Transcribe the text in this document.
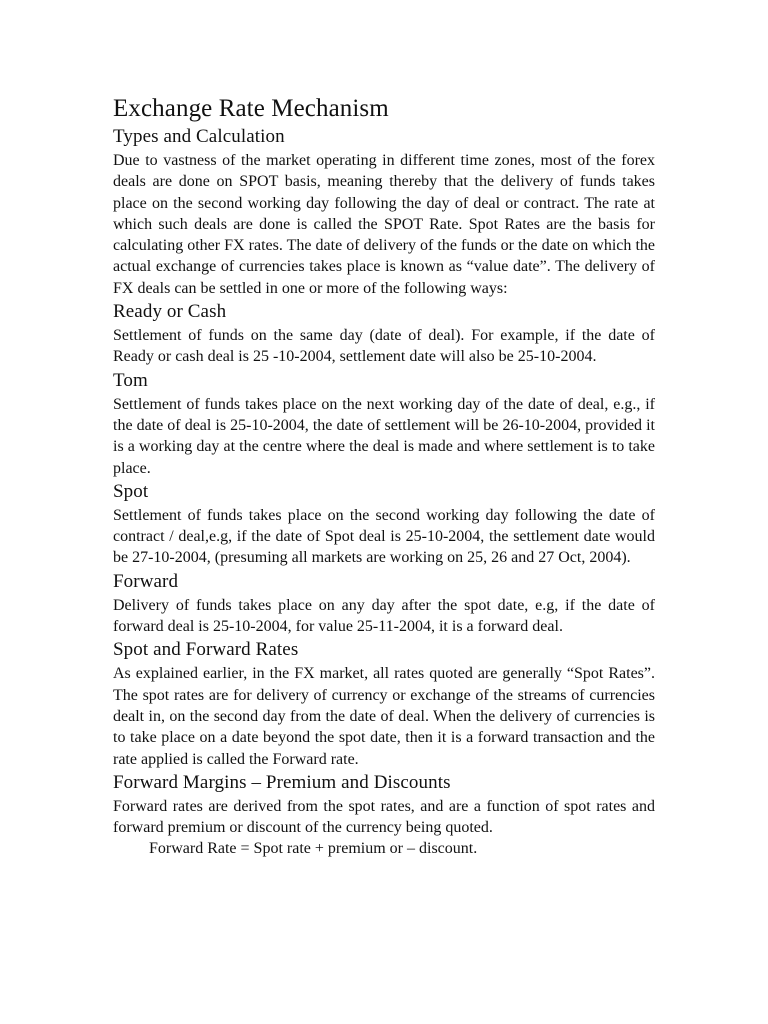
Exchange Rate Mechanism
Types and Calculation

Due to vastness of the market operating in different time zones, most of the forex deals are done on SPOT basis, meaning thereby that the delivery of funds takes place on the second working day following the day of deal or contract. The rate at which such deals are done is called the SPOT Rate. Spot Rates are the basis for calculating other FX rates. The date of delivery of the funds or the date on which the actual exchange of currencies takes place is known as “value date”. The delivery of FX deals can be settled in one or more of the following ways:

Ready or Cash

Settlement of funds on the same day (date of deal). For example, if the date of Ready or cash deal is 25 -10-2004, settlement date will also be 25-10-2004.

Tom

Settlement of funds takes place on the next working day of the date of deal, e.g., if the date of deal is 25-10-2004, the date of settlement will be 26-10-2004, provided it is a working day at the centre where the deal is made and where settlement is to take place.

Spot

Settlement of funds takes place on the second working day following the date of contract / deal,e.g, if the date of Spot deal is 25-10-2004, the settlement date would be 27-10-2004, (presuming all markets are working on 25, 26 and 27 Oct, 2004).

Forward

Delivery of funds takes place on any day after the spot date, e.g, if the date of forward deal is 25-10-2004, for value 25-11-2004, it is a forward deal.

Spot and Forward Rates

As explained earlier, in the FX market, all rates quoted are generally “Spot Rates”. The spot rates are for delivery of currency or exchange of the streams of currencies dealt in, on the second day from the date of deal. When the delivery of currencies is to take place on a date beyond the spot date, then it is a forward transaction and the rate applied is called the Forward rate.

Forward Margins – Premium and Discounts

Forward rates are derived from the spot rates, and are a function of spot rates and forward premium or discount of the currency being quoted.

Forward Rate = Spot rate + premium or – discount.
